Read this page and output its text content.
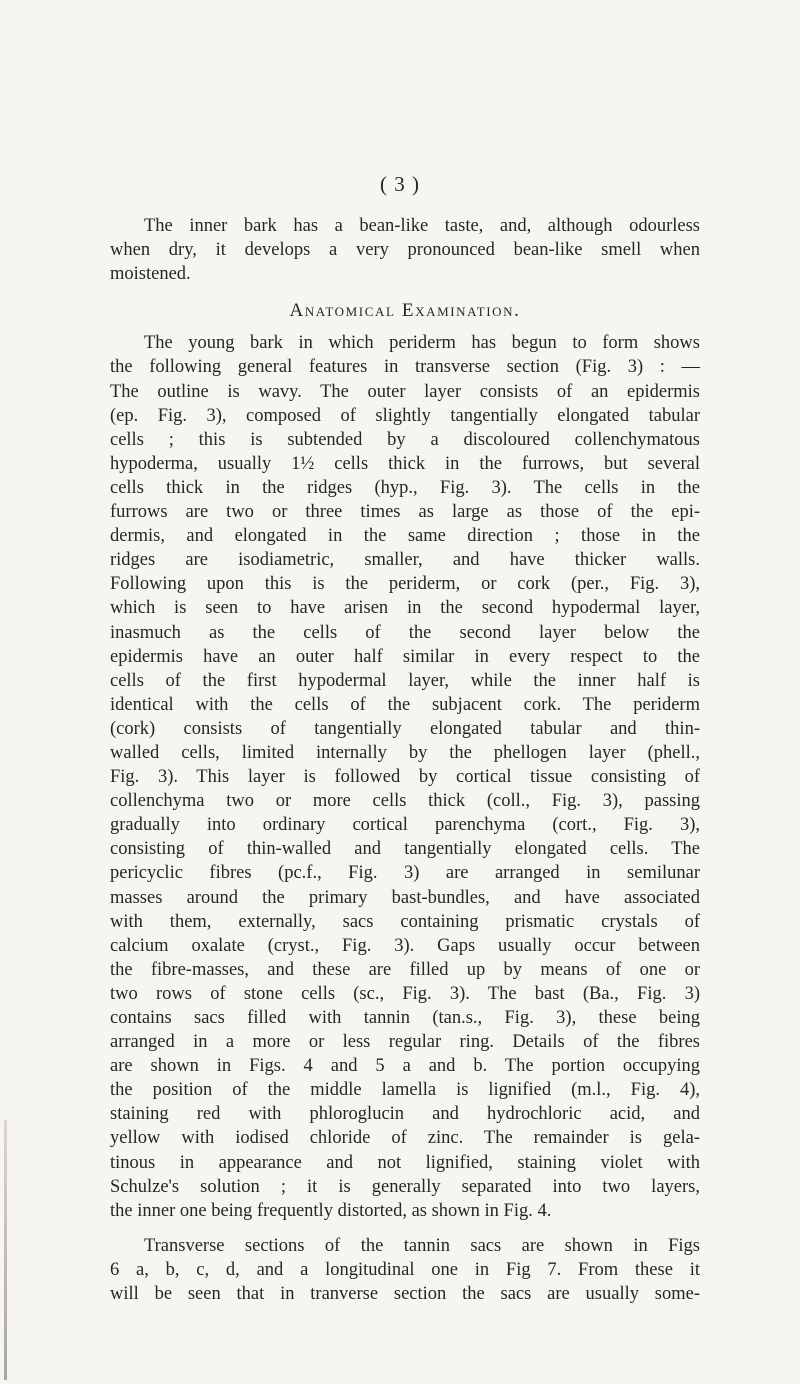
( 3 )

The inner bark has a bean-like taste, and, although odourless
when dry, it develops a very pronounced bean-like smell when
moistened.

Anatomical Examination.

The young bark in which periderm has begun to form shows
the following general features in transverse section (Fig. 3) : —
The outline is wavy. The outer layer consists of an epidermis
(ep. Fig. 3), composed of slightly tangentially elongated tabular
cells ; this is subtended by a discoloured collenchymatous
hypoderma, usually 1½ cells thick in the furrows, but several
cells thick in the ridges (hyp., Fig. 3). The cells in the
furrows are two or three times as large as those of the epi-
dermis, and elongated in the same direction ; those in the
ridges are isodiametric, smaller, and have thicker walls.
Following upon this is the periderm, or cork (per., Fig. 3),
which is seen to have arisen in the second hypodermal layer,
inasmuch as the cells of the second layer below the
epidermis have an outer half similar in every respect to the
cells of the first hypodermal layer, while the inner half is
identical with the cells of the subjacent cork. The periderm
(cork) consists of tangentially elongated tabular and thin-
walled cells, limited internally by the phellogen layer (phell.,
Fig. 3). This layer is followed by cortical tissue consisting of
collenchyma two or more cells thick (coll., Fig. 3), passing
gradually into ordinary cortical parenchyma (cort., Fig. 3),
consisting of thin-walled and tangentially elongated cells. The
pericyclic fibres (pc.f., Fig. 3) are arranged in semilunar
masses around the primary bast-bundles, and have associated
with them, externally, sacs containing prismatic crystals of
calcium oxalate (cryst., Fig. 3). Gaps usually occur between
the fibre-masses, and these are filled up by means of one or
two rows of stone cells (sc., Fig. 3). The bast (Ba., Fig. 3)
contains sacs filled with tannin (tan.s., Fig. 3), these being
arranged in a more or less regular ring. Details of the fibres
are shown in Figs. 4 and 5 a and b. The portion occupying
the position of the middle lamella is lignified (m.l., Fig. 4),
staining red with phloroglucin and hydrochloric acid, and
yellow with iodised chloride of zinc. The remainder is gela-
tinous in appearance and not lignified, staining violet with
Schulze's solution ; it is generally separated into two layers,
the inner one being frequently distorted, as shown in Fig. 4.

Transverse sections of the tannin sacs are shown in Figs
6 a, b, c, d, and a longitudinal one in Fig 7. From these it
will be seen that in tranverse section the sacs are usually some-
